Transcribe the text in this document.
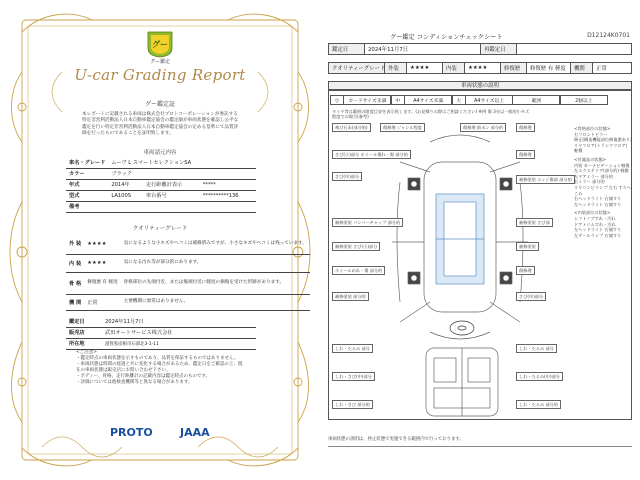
グー
グー鑑定
U-car Grading Report
グー鑑定証
本レポートに記載される車両は株式会社プロトコーポレーションが委託する特定非営利活動法人日本自動車鑑定協会の鑑定師が車両状態を確認し公平な鑑定を行い特定非営利活動法人日本自動車鑑定協会の定める基準にて品質評価を行ったものであることを証明致します。
車両請元内容
車名・グレード	ムーヴ L スマートセレクションSA		
カラー	ブラック		
年式	2014年	走行距離計表示	*****
型式	LA100S	車台番号	**********136
備考			
クオリティーグレード
外 装	★★★★	気になるような小キズやヘコミは補修済みですが、小さなキズやヘコミは残っています。
内 装	★★★★	気になる汚れ等が部分的にあります。
骨 格	修復歴 有 軽度	骨格部位の先端付近、または後端付近に軽度の損傷を受けた形跡があります。
機 関	正常	主要機関に異常はありません。
鑑定日	2024年11月7日
販売店	武田オートサービス株式会社
所在地	滋賀県彦根市石部北3-1-11
<ご注意>
・鑑定時点の車両状態を示すものであり、品質を保証するものではありません。
・車両状態は時間の経過と共に変化する場合があるため、鑑定日をご確認の上、現在の車両状態は販売店にお問い合わせ下さい。
・ボディー、骨格、走行距離計の記載内容は鑑定時点のものです。
・評価については他検査機関等と異なる場合があります。
PROTO JAAA
グー鑑定 コンディションチェックシート	D12124K0701
鑑定日	2024年11月7日	再鑑定日
クオリティーグレード 外装	★★★★	内装	★★★★	修復歴	修復歴 有 軽度	機関	正常
車両状態の説明
小	カードサイズ未満	中	A4サイズ未満	大	A4サイズ以上	範囲	2個以上
タイヤ等は範囲の限度目安を表示致します。(お見積りの際はご相談ください) ※例 傷 3分以一般的小キズ程度での場合(参考)
飛び石あ(部分的)	傷修理 ジャンル程度	傷修理 前ポン 部分的	傷修理
さび(小)部分 ホイール傷れ・傷 部分的	傷修理
さび(中)部分
補修塗装 エッジ傷部 部分的
補修塗装 バンパーギャップ 部分的
補修塗装 さび(小)部分
補修塗装 さび部
補修塗装
ホイールめれ・傷 部分的
補修塗装 部分的
傷修理
さび(中)部分
しわ・たるみ 部分	しわ・たるみ 部分
しわ・さび(中)部分	しわ・たるみ(中)部分
しわ・さび 部分的	しわ・たるみ 部分的
<骨格部位の状態>
右フロントピラー
修正(構造機能部位修復歴あり)
リヤフロア(トランクフロア) 軽微
<付属品の状態>
内装 カーナビゲーション軽傷
左エクステリア(部分的) 軽微
左ドアミラー 部分的
右ミラー 部分的
リヤコンビランプ 左右 すりへこみ
右ヘッドライト 右傾すり
左ヘッドライト 右傾すり
<内装部位の状態>
シフトノブすれ・汚れ
ドアトリムすれ・汚れ
左ヘッドライト 右傾すり
左テールランプ 右傾すり
車両状態の説明は、停止状態で実施できる範囲内で行っております。
